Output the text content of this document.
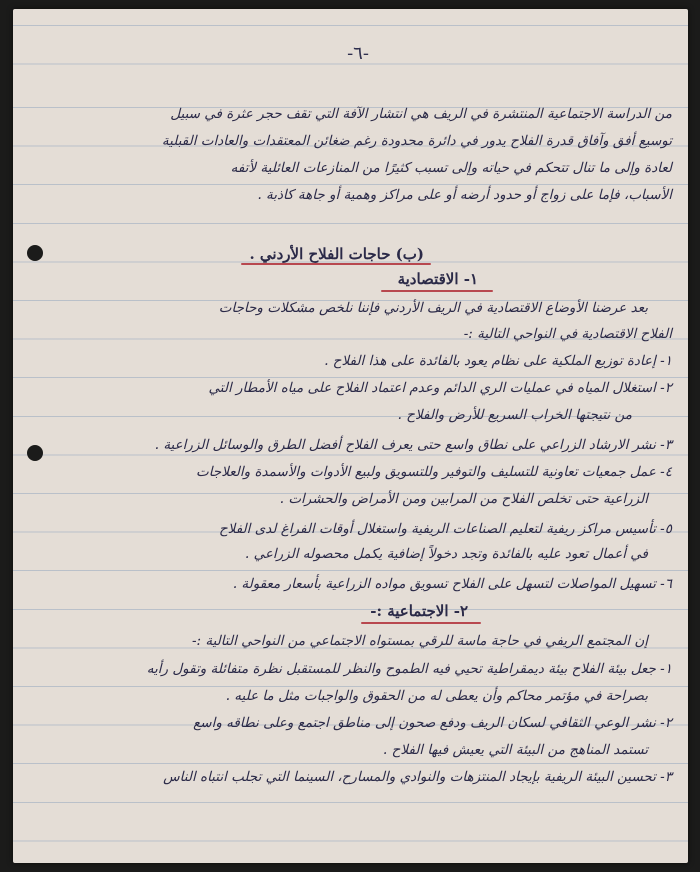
-٦-
من الدراسة الاجتماعية المنتشرة في الريف هي انتشار الآفة التي تقف حجر عثرة في سبيل
توسيع أفق وآفاق قدرة الفلاح يدور في دائرة محدودة رغم ضغائن المعتقدات والعادات القبلية
لعادة وإلى ما تنال تتحكم في حياته وإلى تسبب كثيرًا من المنازعات العائلية لأتفه
الأسباب، فإما على زواج أو حدود أرضه أو على مراكز وهمية أو جاهة كاذبة .
(ب) حاجات الفلاح الأردني .
١- الاقتصادية
بعد عرضنا الأوضاع الاقتصادية في الريف الأردني فإننا نلخص مشكلات وحاجات
الفلاح الاقتصادية في النواحي التالية :-
١- إعادة توزيع الملكية على نظام يعود بالفائدة على هذا الفلاح .
٢- استغلال المياه في عمليات الري الدائم وعدم اعتماد الفلاح على مياه الأمطار التي
من نتيجتها الخراب السريع للأرض والفلاح .
٣- نشر الارشاد الزراعي على نطاق واسع حتى يعرف الفلاح أفضل الطرق والوسائل الزراعية .
٤- عمل جمعيات تعاونية للتسليف والتوفير وللتسويق ولبيع الأدوات والأسمدة والعلاجات
الزراعية حتى تخلص الفلاح من المرابين ومن الأمراض والحشرات .
٥- تأسيس مراكز ريفية لتعليم الصناعات الريفية واستغلال أوقات الفراغ لدى الفلاح
في أعمال تعود عليه بالفائدة وتجد دخولاً إضافية يكمل محصوله الزراعي .
٦- تسهيل المواصلات لتسهل على الفلاح تسويق مواده الزراعية بأسعار معقولة .
٢- الاجتماعية :-
إن المجتمع الريفي في حاجة ماسة للرقي بمستواه الاجتماعي من النواحي التالية :-
١- جعل بيئة الفلاح بيئة ديمقراطية تحيي فيه الطموح والنظر للمستقبل نظرة متفائلة وتقول رأيه
بصراحة في مؤتمر محاكم وأن يعطى له من الحقوق والواجبات مثل ما عليه .
٢- نشر الوعي الثقافي لسكان الريف ودفع صحون إلى مناطق اجتمع وعلى نطاقه واسع
تستمد المناهج من البيئة التي يعيش فيها الفلاح .
٣- تحسين البيئة الريفية بإيجاد المنتزهات والنوادي والمسارح، السينما التي تجلب انتباه الناس
